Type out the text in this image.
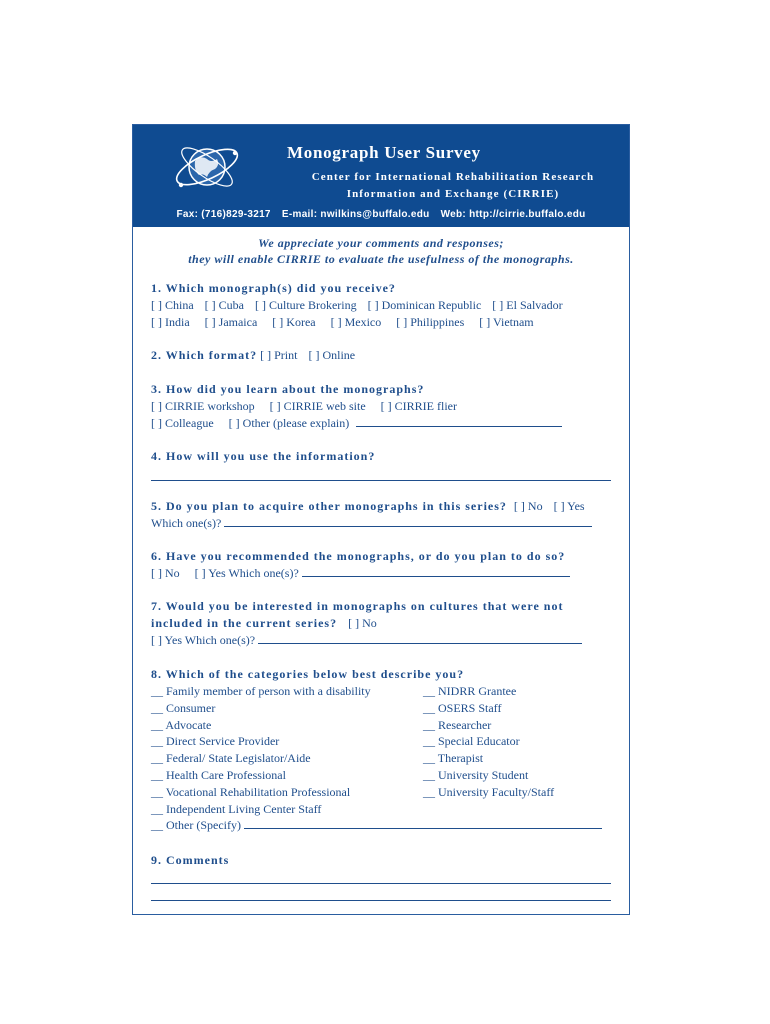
Monograph User Survey
Center for International Rehabilitation Research
Information and Exchange (CIRRIE)
Fax: (716)829-3217 E-mail: nwilkins@buffalo.edu Web: http://cirrie.buffalo.edu
We appreciate your comments and responses;
they will enable CIRRIE to evaluate the usefulness of the monographs.
1. Which monograph(s) did you receive?
[ ] China [ ] Cuba [ ] Culture Brokering [ ] Dominican Republic [ ] El Salvador
[ ] India [ ] Jamaica [ ] Korea [ ] Mexico [ ] Philippines [ ] Vietnam
2. Which format? [ ] Print [ ] Online
3. How did you learn about the monographs?
[ ] CIRRIE workshop [ ] CIRRIE web site [ ] CIRRIE flier
[ ] Colleague [ ] Other (please explain)
4. How will you use the information?
5. Do you plan to acquire other monographs in this series? [ ] No [ ] Yes
Which one(s)?
6. Have you recommended the monographs, or do you plan to do so?
[ ] No [ ] Yes Which one(s)?
7. Would you be interested in monographs on cultures that were not
included in the current series? [ ] No
[ ] Yes Which one(s)?
8. Which of the categories below best describe you?
__ Family member of person with a disability
__ Consumer
__ Advocate
__ Direct Service Provider
__ Federal/ State Legislator/Aide
__ Health Care Professional
__ Vocational Rehabilitation Professional
__ Independent Living Center Staff
__ Other (Specify)
__ NIDRR Grantee
__ OSERS Staff
__ Researcher
__ Special Educator
__ Therapist
__ University Student
__ University Faculty/Staff
9. Comments
